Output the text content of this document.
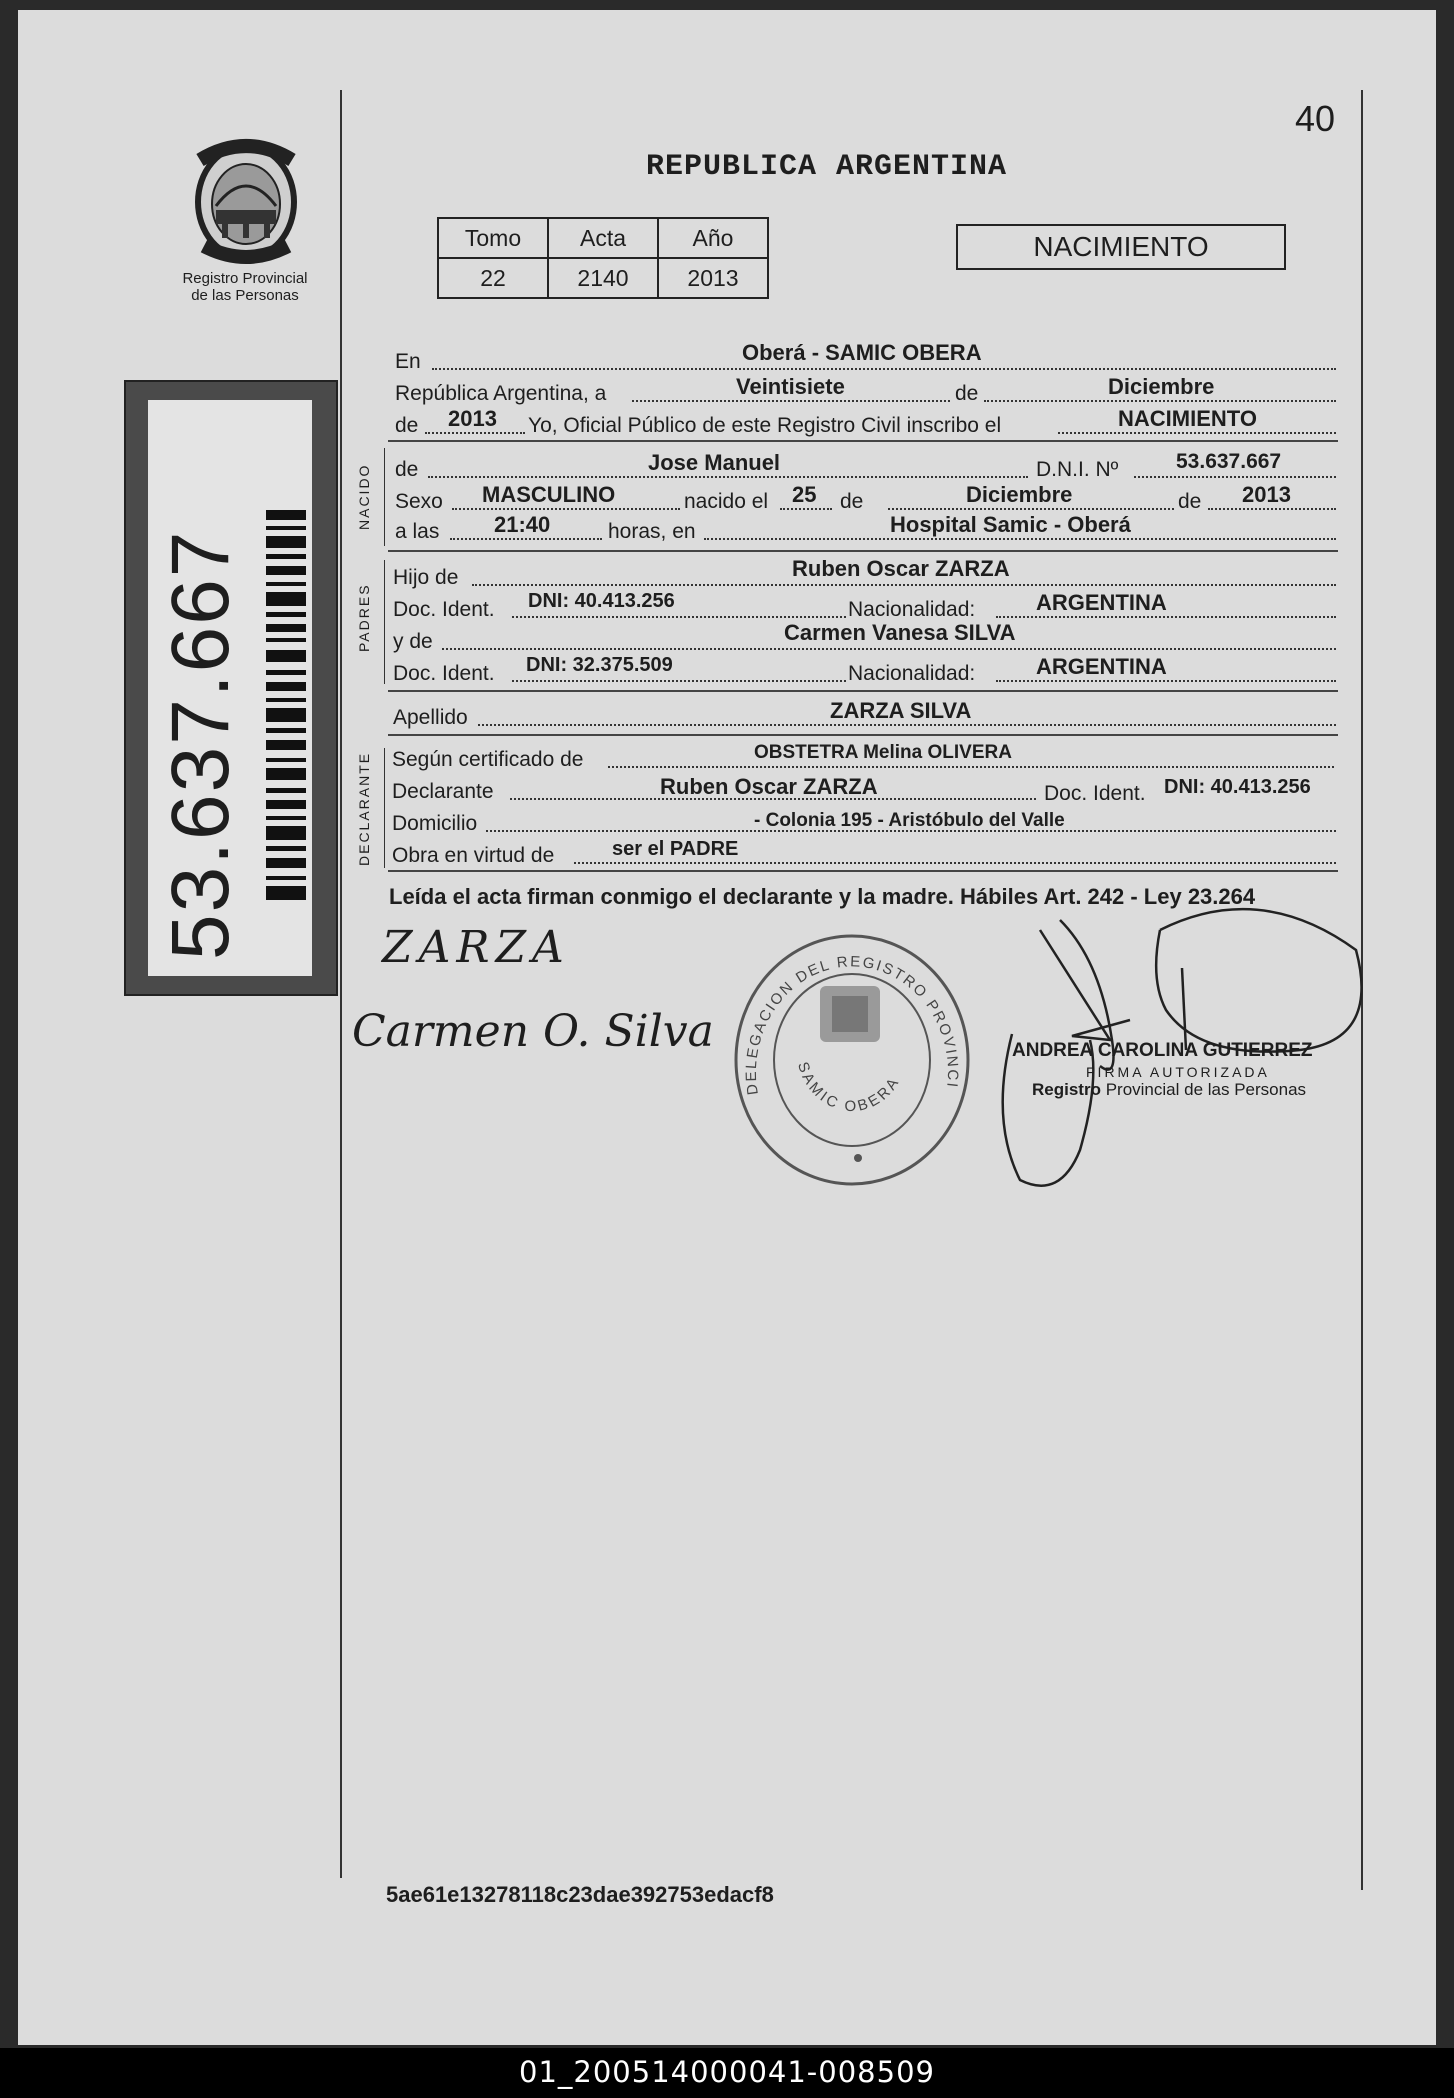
40
REPUBLICA ARGENTINA
Registro Provincial
de las Personas
Tomo	Acta	Año
22	2140	2013
NACIMIENTO
53.637.667
NACIDO
PADRES
DECLARANTE
En	Oberá - SAMIC OBERA
República Argentina, a	Veintisiete	de	Diciembre
de 2013 Yo, Oficial Público de este Registro Civil inscribo el	NACIMIENTO
de	Jose Manuel	D.N.I. Nº	53.637.667
Sexo MASCULINO	nacido el 25 de	Diciembre	de 2013
a las 21:40	horas, en	Hospital Samic - Oberá
Hijo de	Ruben Oscar ZARZA
Doc. Ident. DNI: 40.413.256	Nacionalidad:	ARGENTINA
y de	Carmen Vanesa SILVA
Doc. Ident. DNI: 32.375.509	Nacionalidad:	ARGENTINA
Apellido	ZARZA SILVA
Según certificado de	OBSTETRA Melina OLIVERA
Declarante	Ruben Oscar ZARZA	Doc. Ident. DNI: 40.413.256
Domicilio	- Colonia 195 - Aristóbulo del Valle
Obra en virtud de	ser el PADRE
Leída el acta firman conmigo el declarante y la madre. Hábiles Art. 242 - Ley 23.264
ZARZA
Carmen O. Silva
DELEGACION DEL REGISTRO PROVINCI
SAMIC OBERA
ANDREA CAROLINA GUTIERREZ
FIRMA AUTORIZADA
Registro Provincial de las Personas
5ae61e13278118c23dae392753edacf8
01_200514000041-008509
